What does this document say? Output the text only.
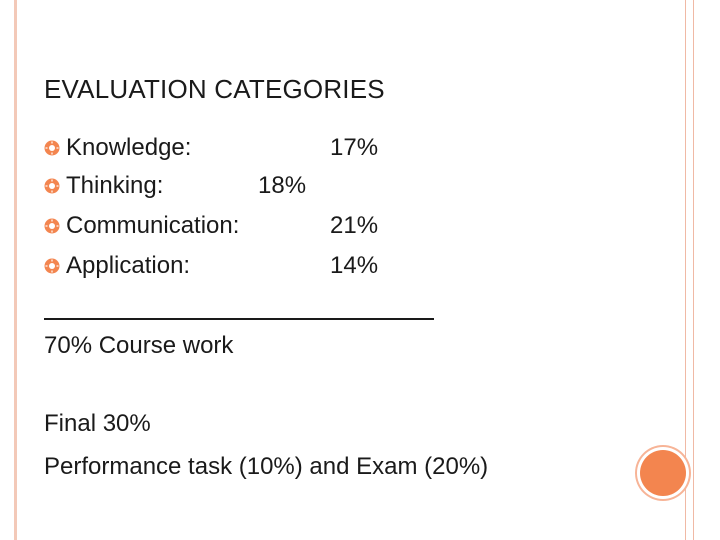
EVALUATION CATEGORIES
Knowledge:	17%
Thinking:	18%
Communication:	21%
Application:	14%
70% Course work
Final 30%
Performance task (10%) and Exam (20%)
